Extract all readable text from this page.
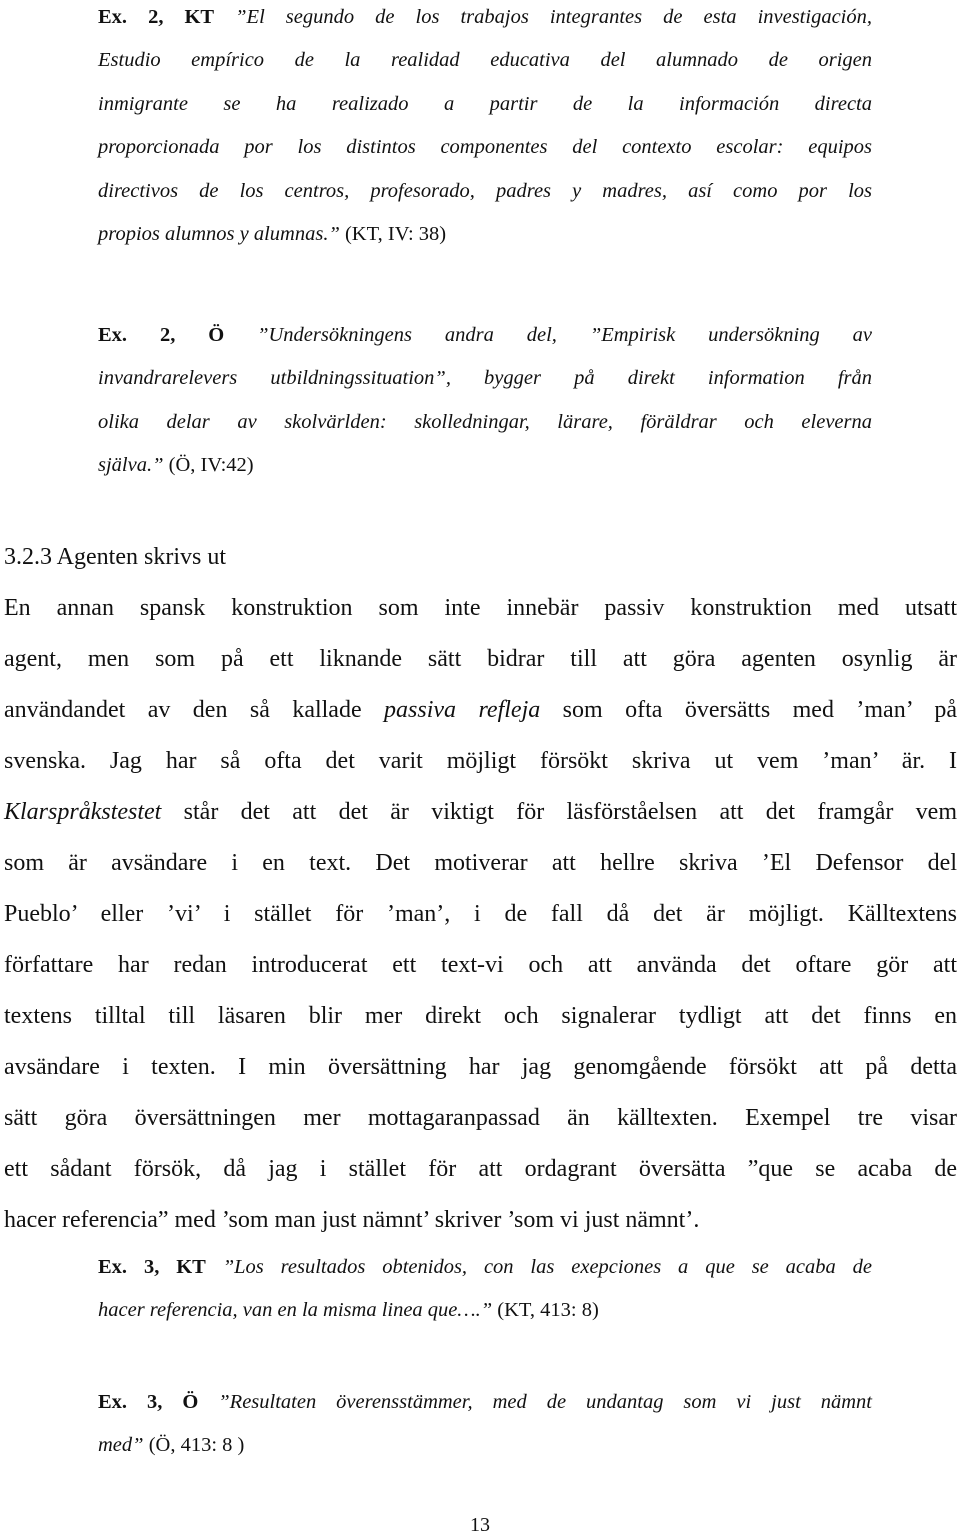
Ex. 2, KT ”El segundo de los trabajos integrantes de esta investigación,
Estudio empírico de la realidad educativa del alumnado de origen
inmigrante se ha realizado a partir de la información directa
proporcionada por los distintos componentes del contexto escolar: equipos
directivos de los centros, profesorado, padres y madres, así como por los
propios alumnos y alumnas.” (KT, IV: 38)
Ex. 2, Ö ”Undersökningens andra del, ”Empirisk undersökning av
invandrarelevers utbildningssituation”, bygger på direkt information från
olika delar av skolvärlden: skolledningar, lärare, föräldrar och eleverna
själva.” (Ö, IV:42)
3.2.3 Agenten skrivs ut
En annan spansk konstruktion som inte innebär passiv konstruktion med utsatt
agent, men som på ett liknande sätt bidrar till att göra agenten osynlig är
användandet av den så kallade passiva refleja som ofta översätts med ’man’ på
svenska. Jag har så ofta det varit möjligt försökt skriva ut vem ’man’ är. I
Klarspråkstestet står det att det är viktigt för läsförståelsen att det framgår vem
som är avsändare i en text. Det motiverar att hellre skriva ’El Defensor del
Pueblo’ eller ’vi’ i stället för ’man’, i de fall då det är möjligt. Källtextens
författare har redan introducerat ett text-vi och att använda det oftare gör att
textens tilltal till läsaren blir mer direkt och signalerar tydligt att det finns en
avsändare i texten. I min översättning har jag genomgående försökt att på detta
sätt göra översättningen mer mottagaranpassad än källtexten. Exempel tre visar
ett sådant försök, då jag i stället för att ordagrant översätta ”que se acaba de
hacer referencia” med ’som man just nämnt’ skriver ’som vi just nämnt’.
Ex. 3, KT ”Los resultados obtenidos, con las exepciones a que se acaba de
hacer referencia, van en la misma linea que….” (KT, 413: 8)
Ex. 3, Ö ”Resultaten överensstämmer, med de undantag som vi just nämnt
med” (Ö, 413: 8 )
13
